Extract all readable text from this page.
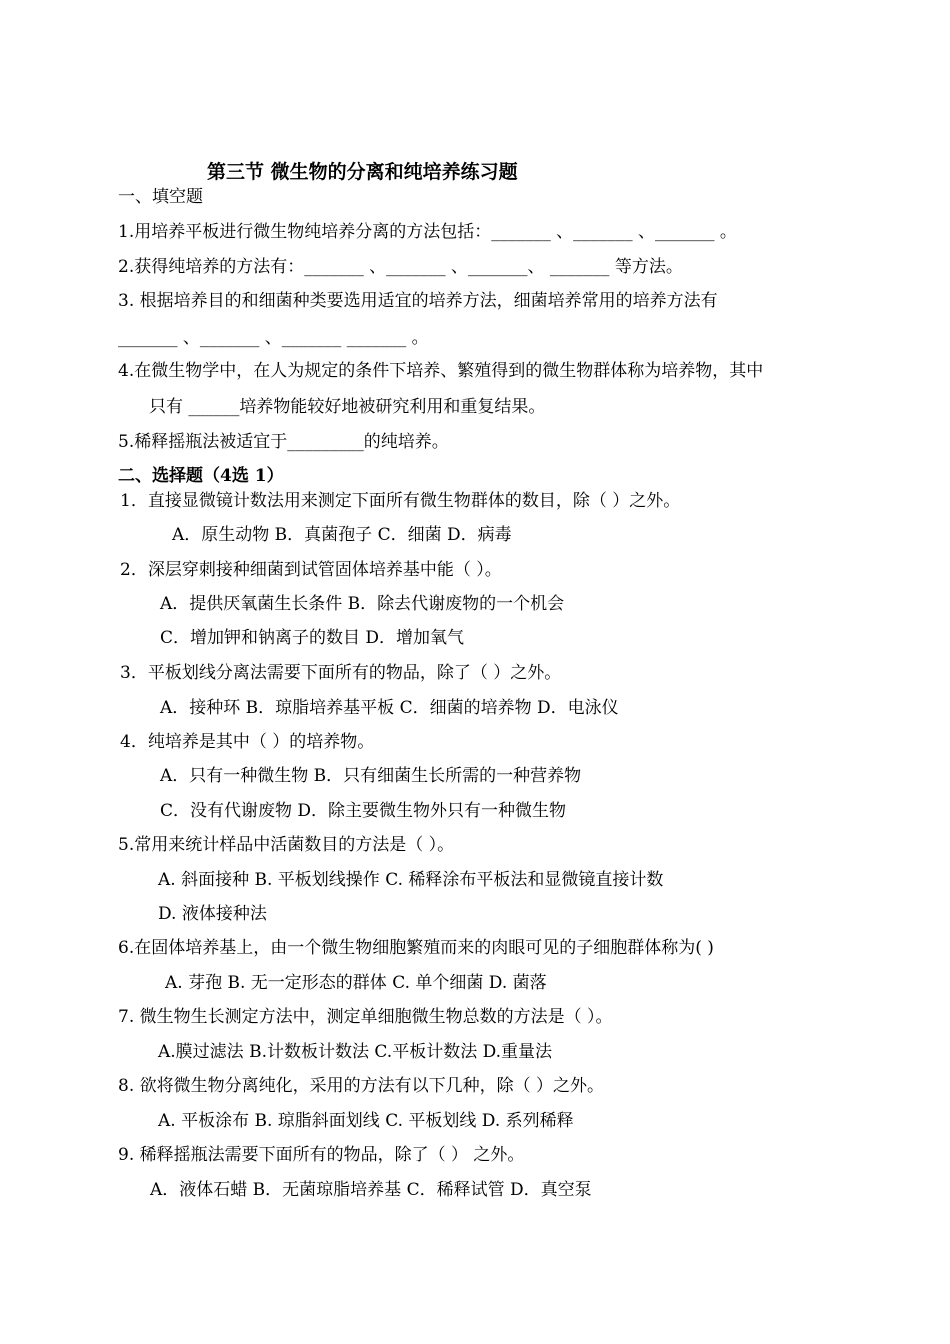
第三节 微生物的分离和纯培养练习题
一、填空题
1.用培养平板进行微生物纯培养分离的方法包括：_______ 、_______ 、_______ 。
2.获得纯培养的方法有：_______ 、_______ 、_______、 _______ 等方法。
3. 根据培养目的和细菌种类要选用适宜的培养方法，细菌培养常用的培养方法有
_______ 、_______ 、_______ _______ 。
4.在微生物学中，在人为规定的条件下培养、繁殖得到的微生物群体称为培养物，其中
只有 ______培养物能较好地被研究利用和重复结果。
5.稀释摇瓶法被适宜于_________的纯培养。
二、选择题（4选 1）
1．直接显微镜计数法用来测定下面所有微生物群体的数目，除（ ）之外。
A．原生动物 B．真菌孢子 C．细菌 D．病毒
2．深层穿刺接种细菌到试管固体培养基中能（ ）。
A．提供厌氧菌生长条件 B．除去代谢废物的一个机会
C．增加钾和钠离子的数目 D．增加氧气
3．平板划线分离法需要下面所有的物品，除了（ ）之外。
A．接种环 B．琼脂培养基平板 C．细菌的培养物 D．电泳仪
4．纯培养是其中（ ）的培养物。
A．只有一种微生物 B．只有细菌生长所需的一种营养物
C．没有代谢废物 D．除主要微生物外只有一种微生物
5.常用来统计样品中活菌数目的方法是（ ）。
A. 斜面接种 B. 平板划线操作 C. 稀释涂布平板法和显微镜直接计数
D. 液体接种法
6.在固体培养基上，由一个微生物细胞繁殖而来的肉眼可见的子细胞群体称为( )
A. 芽孢 B. 无一定形态的群体 C. 单个细菌 D. 菌落
7. 微生物生长测定方法中，测定单细胞微生物总数的方法是（ ）。
A.膜过滤法 B.计数板计数法 C.平板计数法 D.重量法
8. 欲将微生物分离纯化，采用的方法有以下几种，除（ ）之外。
A. 平板涂布 B. 琼脂斜面划线 C. 平板划线 D. 系列稀释
9. 稀释摇瓶法需要下面所有的物品，除了（ ） 之外。
A．液体石蜡 B．无菌琼脂培养基 C．稀释试管 D．真空泵
